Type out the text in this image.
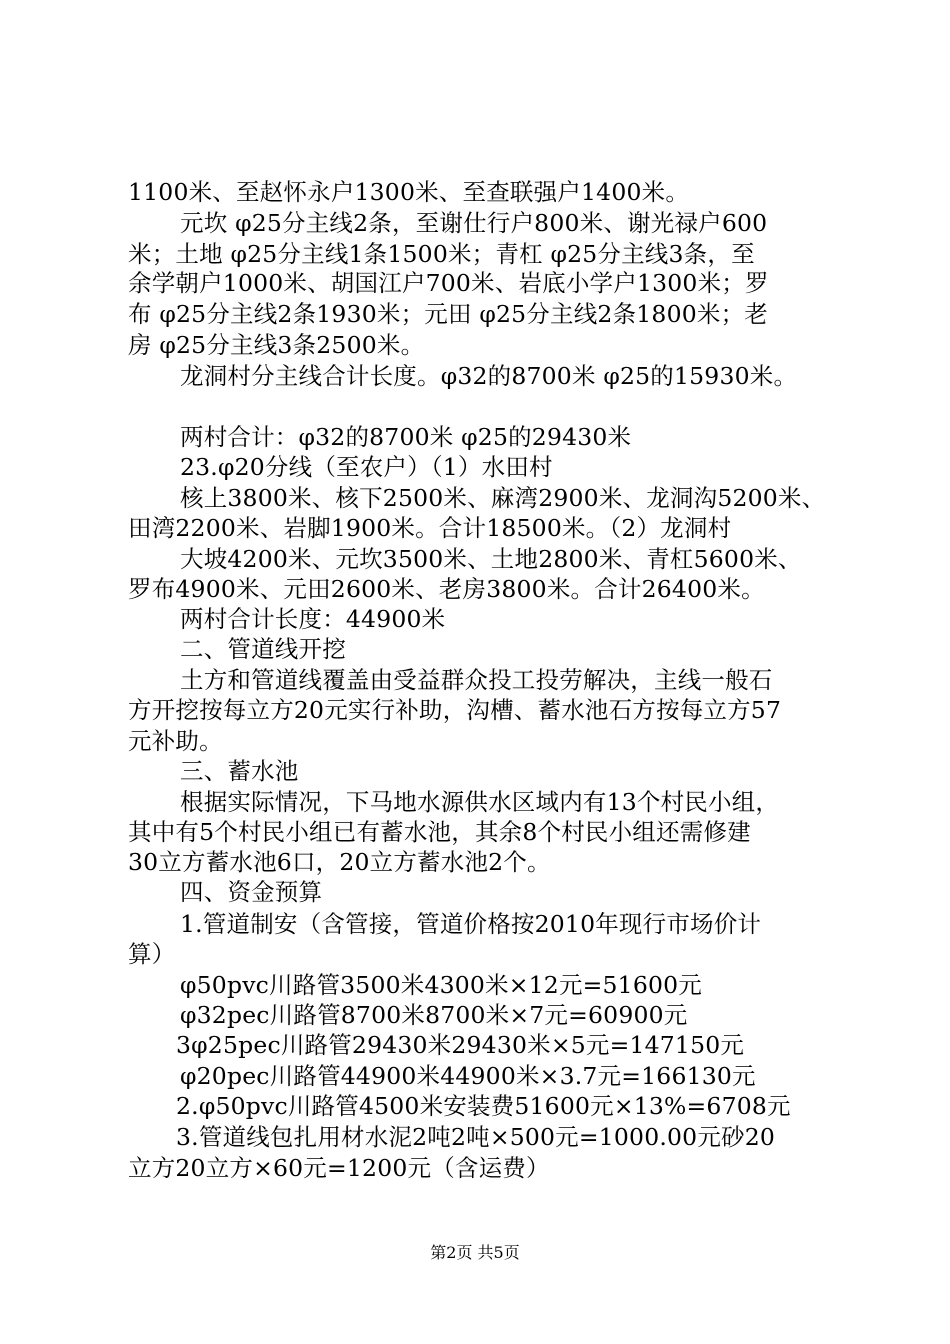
1100米、至赵怀永户1300米、至查联强户1400米。
元坎 φ25分主线2条，至谢仕行户800米、谢光禄户600
米；土地 φ25分主线1条1500米；青杠 φ25分主线3条，至
余学朝户1000米、胡国江户700米、岩底小学户1300米；罗
布 φ25分主线2条1930米；元田 φ25分主线2条1800米；老
房 φ25分主线3条2500米。
龙洞村分主线合计长度。φ32的8700米 φ25的15930米。
两村合计：φ32的8700米 φ25的29430米
23.φ20分线（至农户）（1）水田村
核上3800米、核下2500米、麻湾2900米、龙洞沟5200米、
田湾2200米、岩脚1900米。合计18500米。（2）龙洞村
大坡4200米、元坎3500米、土地2800米、青杠5600米、
罗布4900米、元田2600米、老房3800米。合计26400米。
两村合计长度：44900米
二、管道线开挖
土方和管道线覆盖由受益群众投工投劳解决，主线一般石
方开挖按每立方20元实行补助，沟槽、蓄水池石方按每立方57
元补助。
三、蓄水池
根据实际情况，下马地水源供水区域内有13个村民小组，
其中有5个村民小组已有蓄水池，其余8个村民小组还需修建
30立方蓄水池6口，20立方蓄水池2个。
四、资金预算
1.管道制安（含管接，管道价格按2010年现行市场价计
算）
φ50pvc川路管3500米4300米×12元=51600元
φ32pec川路管8700米8700米×7元=60900元
3φ25pec川路管29430米29430米×5元=147150元
φ20pec川路管44900米44900米×3.7元=166130元
2.φ50pvc川路管4500米安装费51600元×13%=6708元
3.管道线包扎用材水泥2吨2吨×500元=1000.00元砂20
立方20立方×60元=1200元（含运费）
第2页 共5页
